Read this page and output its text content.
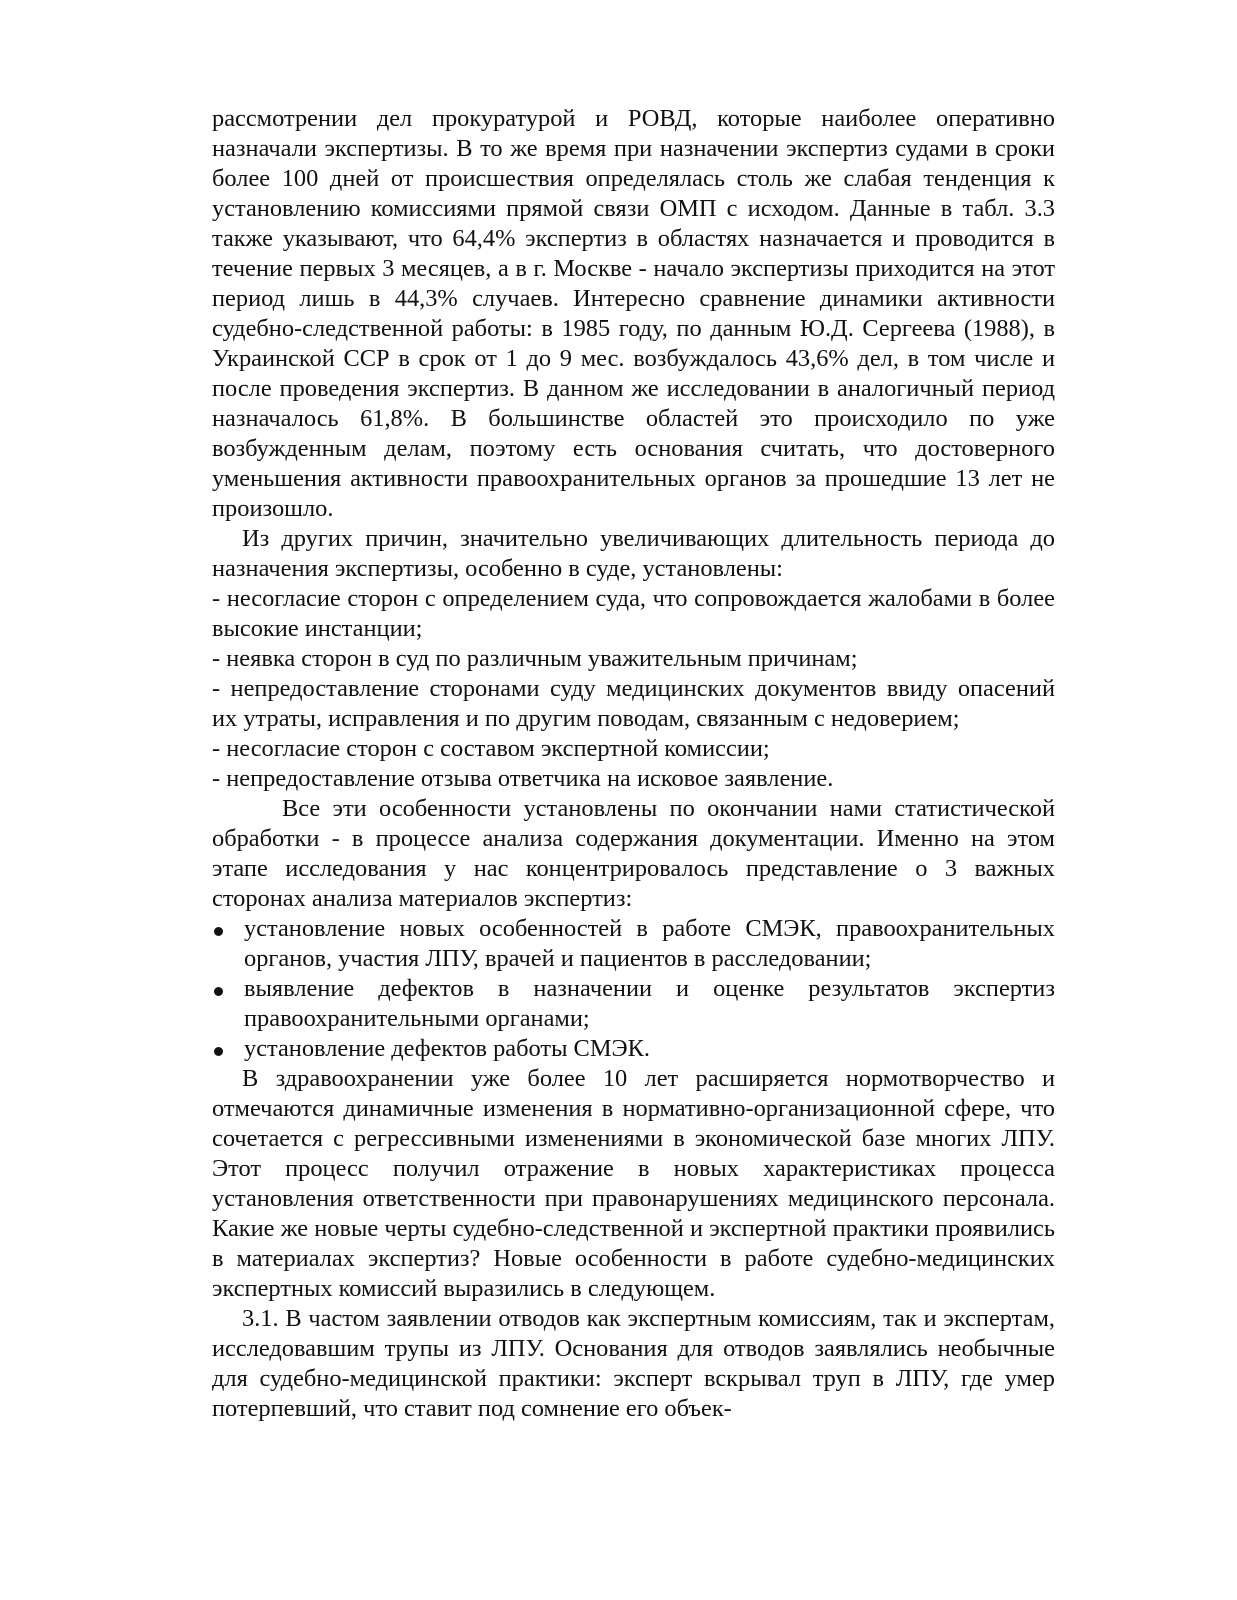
рассмотрении дел прокуратурой и РОВД, которые наиболее оперативно назначали экспертизы. В то же время при назначении экспертиз судами в сроки более 100 дней от происшествия определялась столь же слабая тенденция к установлению комиссиями прямой связи ОМП с исходом. Данные в табл. 3.3 также указывают, что 64,4% экспертиз в областях назначается и проводится в течение первых 3 месяцев, а в г. Москве - начало экспертизы приходится на этот период лишь в 44,3% случаев. Интересно сравнение динамики активности судебно-следственной работы: в 1985 году, по данным Ю.Д. Сергеева (1988), в Украинской ССР в срок от 1 до 9 мес. возбуждалось 43,6% дел, в том числе и после проведения экспертиз. В данном же исследовании в аналогичный период назначалось 61,8%. В большинстве областей это происходило по уже возбужденным делам, поэтому есть основания считать, что достоверного уменьшения активности правоохранительных органов за прошедшие 13 лет не произошло.

Из других причин, значительно увеличивающих длительность периода до назначения экспертизы, особенно в суде, установлены:

- несогласие сторон с определением суда, что сопровождается жалобами в более высокие инстанции;

- неявка сторон в суд по различным уважительным причинам;

- непредоставление сторонами суду медицинских документов ввиду опасений их утраты, исправления и по другим поводам, связанным с недоверием;

- несогласие сторон с составом экспертной комиссии;

- непредоставление отзыва ответчика на исковое заявление.

Все эти особенности установлены по окончании нами статистической обработки - в процессе анализа содержания документации. Именно на этом этапе исследования у нас концентрировалось представление о 3 важных сторонах анализа материалов экспертиз:

установление новых особенностей в работе СМЭК, правоохранительных органов, участия ЛПУ, врачей и пациентов в расследовании;
выявление дефектов в назначении и оценке результатов экспертиз правоохранительными органами;
установление дефектов работы СМЭК.

В здравоохранении уже более 10 лет расширяется нормотворчество и отмечаются динамичные изменения в нормативно-организационной сфере, что сочетается с регрессивными изменениями в экономической базе многих ЛПУ. Этот процесс получил отражение в новых характеристиках процесса установления ответственности при правонарушениях медицинского персонала. Какие же новые черты судебно-следственной и экспертной практики проявились в материалах экспертиз? Новые особенности в работе судебно-медицинских экспертных комиссий выразились в следующем.

3.1. В частом заявлении отводов как экспертным комиссиям, так и экспертам, исследовавшим трупы из ЛПУ. Основания для отводов заявлялись необычные для судебно-медицинской практики: эксперт вскрывал труп в ЛПУ, где умер потерпевший, что ставит под сомнение его объек-
